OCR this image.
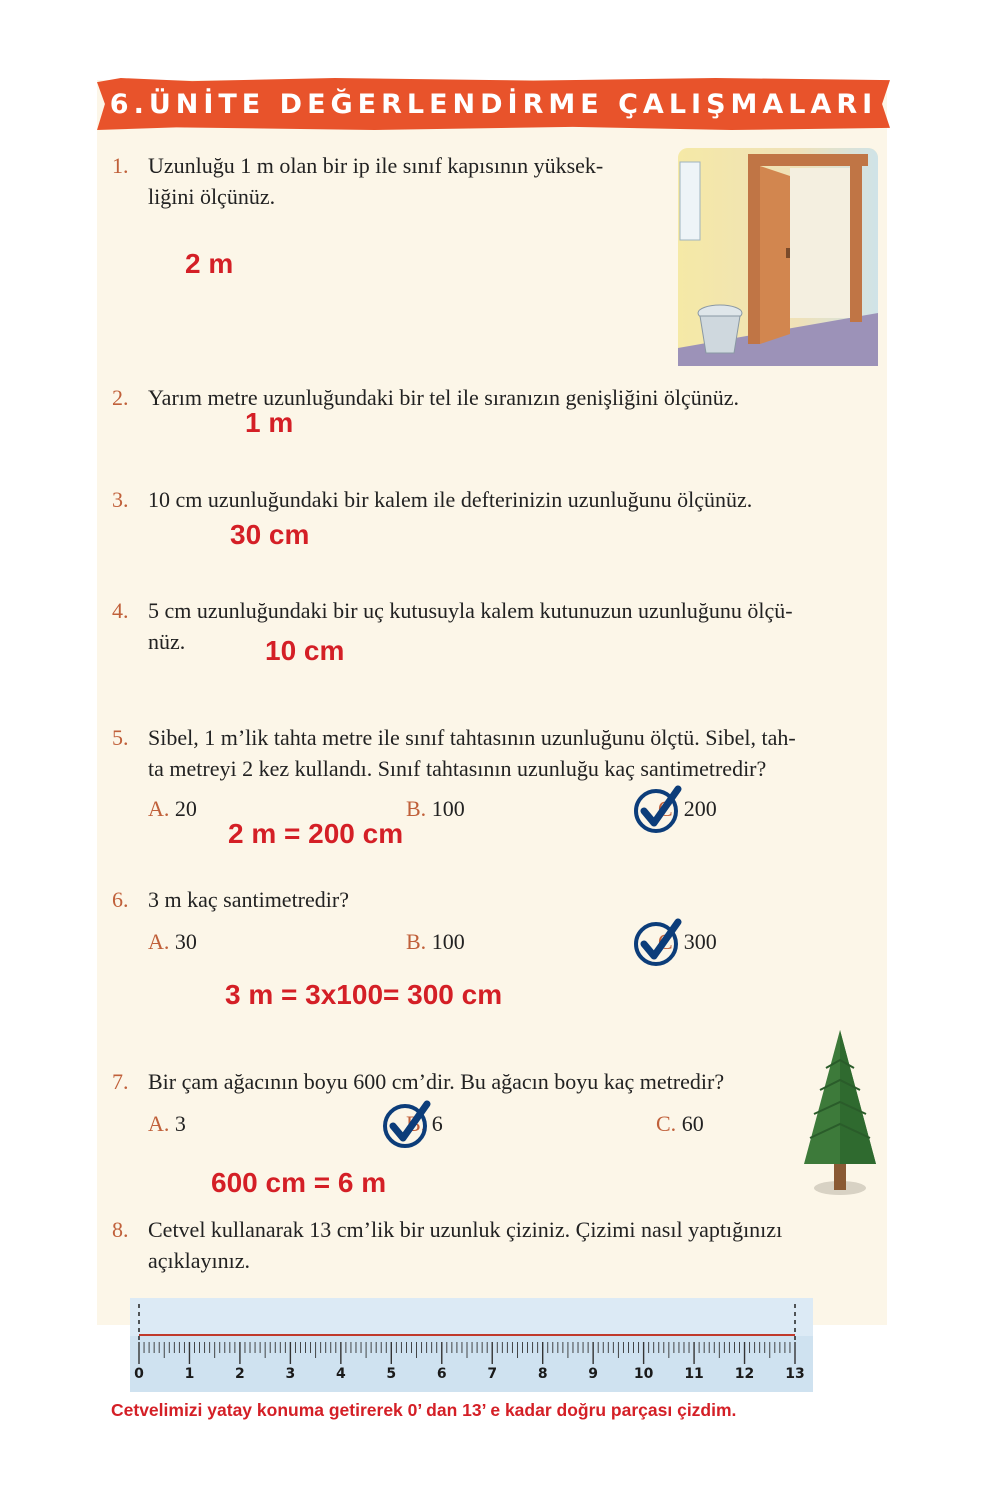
6.ÜNİTE DEĞERLENDİRME ÇALIŞMALARI
1. Uzunluğu 1 m olan bir ip ile sınıf kapısının yüksek-
liğini ölçünüz.
2 m
2. Yarım metre uzunluğundaki bir tel ile sıranızın genişliğini ölçünüz.
1 m
3. 10 cm uzunluğundaki bir kalem ile defterinizin uzunluğunu ölçünüz.
30 cm
4. 5 cm uzunluğundaki bir uç kutusuyla kalem kutunuzun uzunluğunu ölçü-
nüz.	10 cm
5. Sibel, 1 m’lik tahta metre ile sınıf tahtasının uzunluğunu ölçtü. Sibel, tah-
ta metreyi 2 kez kullandı. Sınıf tahtasının uzunluğu kaç santimetredir?
A. 20	B. 100	C. 200
2 m = 200 cm
6. 3 m kaç santimetredir?
A. 30	B. 100	C. 300
3 m = 3x100= 300 cm
7. Bir çam ağacının boyu 600 cm’dir. Bu ağacın boyu kaç metredir?
A. 3	B. 6	C. 60
600 cm = 6 m
8. Cetvel kullanarak 13 cm’lik bir uzunluk çiziniz. Çizimi nasıl yaptığınızı
açıklayınız.
0	1	2	3	4	5	6	7	8	9	10 11 12 13
Cetvelimizi yatay konuma getirerek 0’ dan 13’ e kadar doğru parçası çizdim.
